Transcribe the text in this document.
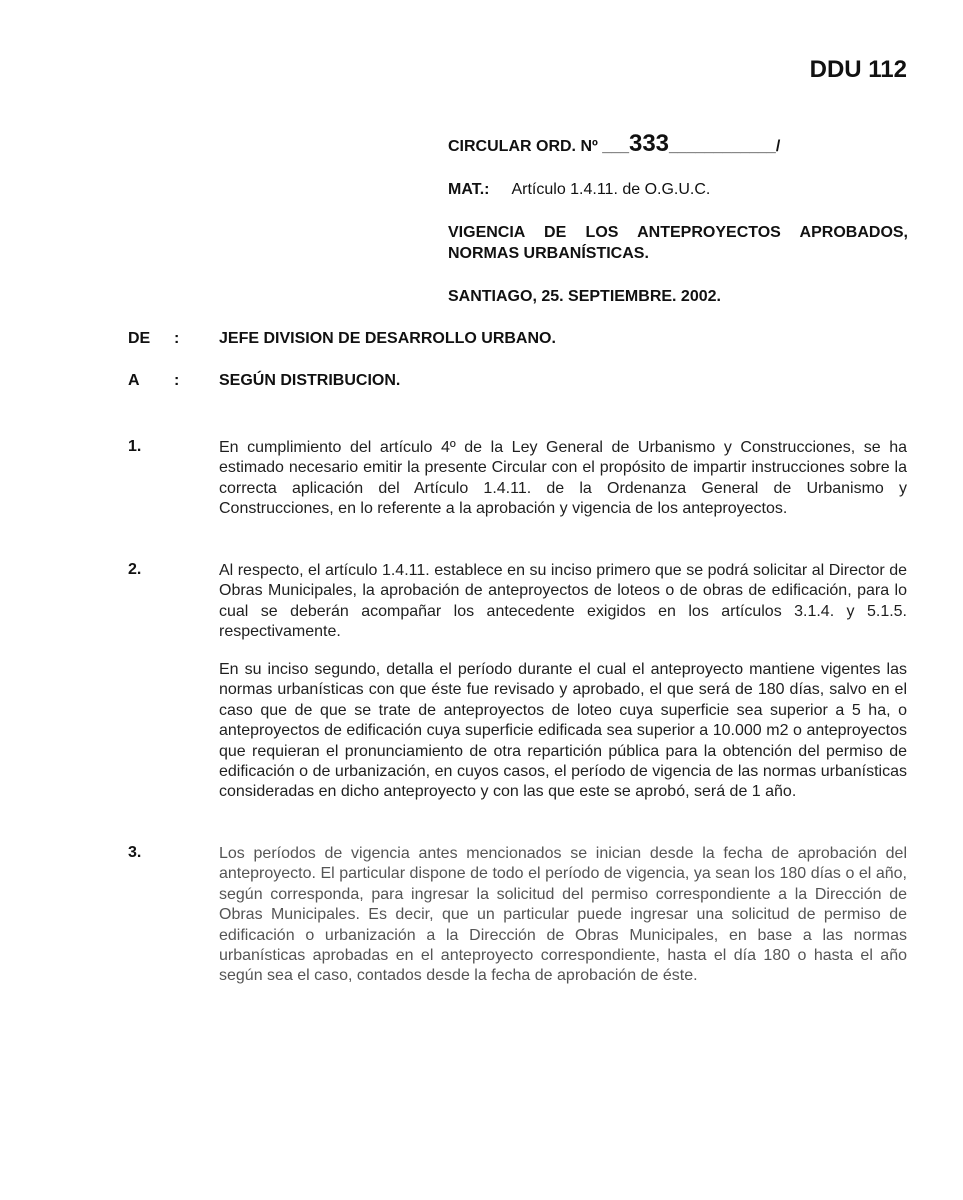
DDU 112
CIRCULAR ORD. Nº ___333____________/
MAT.: Artículo 1.4.11. de O.G.U.C.
VIGENCIA DE LOS ANTEPROYECTOS APROBADOS, NORMAS URBANÍSTICAS.
SANTIAGO, 25. SEPTIEMBRE. 2002.
DE : JEFE DIVISION DE DESARROLLO URBANO.
A : SEGÚN DISTRIBUCION.
1.	En cumplimiento del artículo 4º de la Ley General de Urbanismo y Construcciones, se ha estimado necesario emitir la presente Circular con el propósito de impartir instrucciones sobre la correcta aplicación del Artículo 1.4.11. de la Ordenanza General de Urbanismo y Construcciones, en lo referente a la aprobación y vigencia de los anteproyectos.
2.	Al respecto, el artículo 1.4.11. establece en su inciso primero que se podrá solicitar al Director de Obras Municipales, la aprobación de anteproyectos de loteos o de obras de edificación, para lo cual se deberán acompañar los antecedente exigidos en los artículos 3.1.4. y 5.1.5. respectivamente.
En su inciso segundo, detalla el período durante el cual el anteproyecto mantiene vigentes las normas urbanísticas con que éste fue revisado y aprobado, el que será de 180 días, salvo en el caso que de que se trate de anteproyectos de loteo cuya superficie sea superior a 5 ha, o anteproyectos de edificación cuya superficie edificada sea superior a 10.000 m2 o anteproyectos que requieran el pronunciamiento de otra repartición pública para la obtención del permiso de edificación o de urbanización, en cuyos casos, el período de vigencia de las normas urbanísticas consideradas en dicho anteproyecto y con las que este se aprobó, será de 1 año.
3.	Los períodos de vigencia antes mencionados se inician desde la fecha de aprobación del anteproyecto. El particular dispone de todo el período de vigencia, ya sean los 180 días o el año, según corresponda, para ingresar la solicitud del permiso correspondiente a la Dirección de Obras Municipales. Es decir, que un particular puede ingresar una solicitud de permiso de edificación o urbanización a la Dirección de Obras Municipales, en base a las normas urbanísticas aprobadas en el anteproyecto correspondiente, hasta el día 180 o hasta el año según sea el caso, contados desde la fecha de aprobación de éste.
